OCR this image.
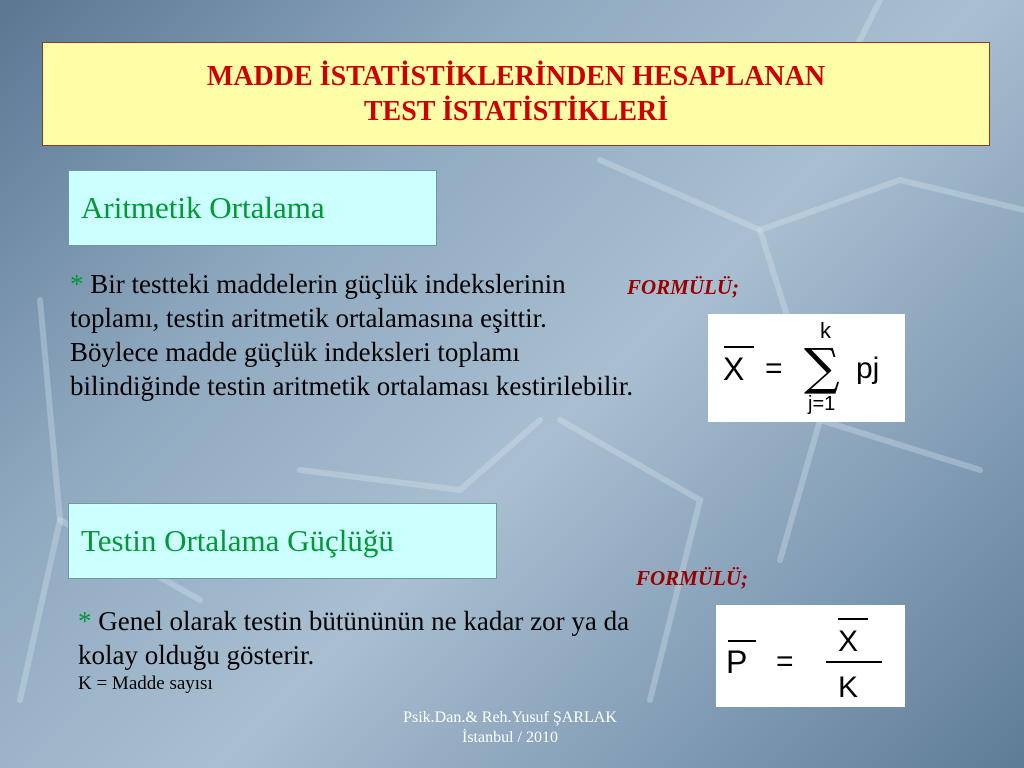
MADDE İSTATİSTİKLERİNDEN HESAPLANAN
TEST İSTATİSTİKLERİ
Aritmetik Ortalama
* Bir testteki maddelerin güçlük indekslerinin toplamı, testin aritmetik ortalamasına eşittir. Böylece madde güçlük indeksleri toplamı bilindiğinde testin aritmetik ortalaması kestirilebilir.
FORMÜLÜ;
X =
k
∑
j=1
pj
Testin Ortalama Güçlüğü
FORMÜLÜ;
* Genel olarak testin bütününün ne kadar zor ya da kolay olduğu gösterir.
K = Madde sayısı
P =
X
K
Psik.Dan.& Reh.Yusuf ŞARLAK
İstanbul / 2010
